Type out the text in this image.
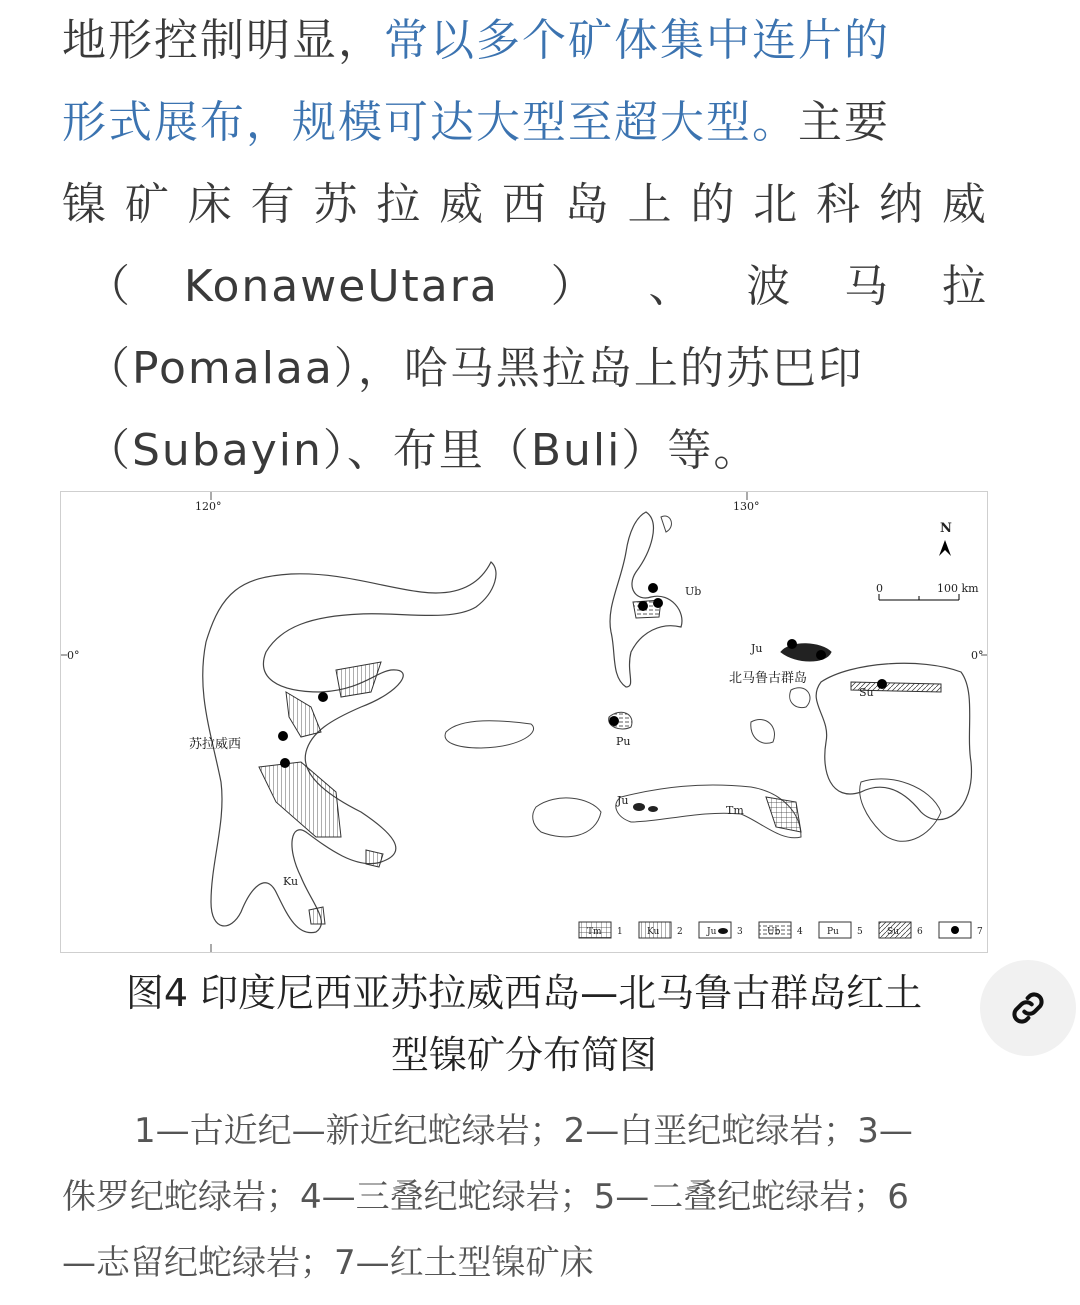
地形控制明显，常以多个矿体集中连片的
形式展布，规模可达大型至超大型。主要
镍 矿 床 有 苏 拉 威 西 岛 上 的 北 科 纳 威
（ KonaweUtara ） 、 波 马 拉
（Pomalaa），哈马黑拉岛上的苏巴印
（Subayin）、布里（Buli）等。
120°	130°
0°	0°
苏拉威西
Ku
Ub
Pu
Su
Ju
北马鲁古群岛
Ju
Tm
N
0	100 km
Tm 1	Ku 2	Ju 3	Ub 4	Pu 5	Su 6	7
图4 印度尼西亚苏拉威西岛—北马鲁古群岛红土
型镍矿分布简图
1—古近纪—新近纪蛇绿岩；2—白垩纪蛇绿岩；3—
侏罗纪蛇绿岩；4—三叠纪蛇绿岩；5—二叠纪蛇绿岩；6
—志留纪蛇绿岩；7—红土型镍矿床
